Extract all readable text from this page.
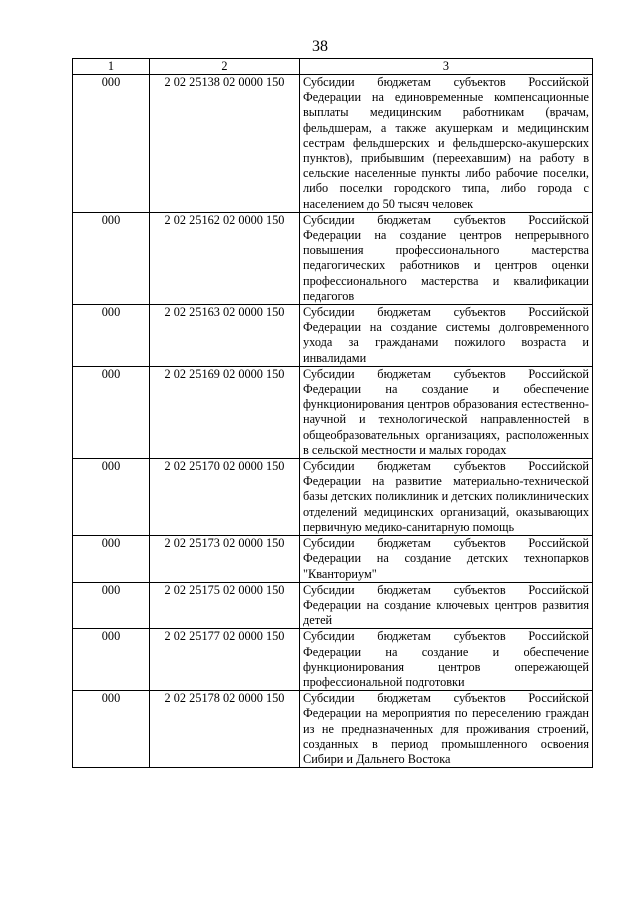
38
1	2	3
000	2 02 25138 02 0000 150	Субсидии бюджетам субъектов Российской Федерации на единовременные компенсационные выплаты медицинским работникам (врачам, фельдшерам, а также акушеркам и медицинским сестрам фельдшерских и фельдшерско-акушерских пунктов), прибывшим (переехавшим) на работу в сельские населенные пункты либо рабочие поселки, либо поселки городского типа, либо города с населением до 50 тысяч человек
000	2 02 25162 02 0000 150	Субсидии бюджетам субъектов Российской Федерации на создание центров непрерывного повышения профессионального мастерства педагогических работников и центров оценки профессионального мастерства и квалификации педагогов
000	2 02 25163 02 0000 150	Субсидии бюджетам субъектов Российской Федерации на создание системы долговременного ухода за гражданами пожилого возраста и инвалидами
000	2 02 25169 02 0000 150	Субсидии бюджетам субъектов Российской Федерации на создание и обеспечение функционирования центров образования естественно-научной и технологической направленностей в общеобразовательных организациях, расположенных в сельской местности и малых городах
000	2 02 25170 02 0000 150	Субсидии бюджетам субъектов Российской Федерации на развитие материально-технической базы детских поликлиник и детских поликлинических отделений медицинских организаций, оказывающих первичную медико-санитарную помощь
000	2 02 25173 02 0000 150	Субсидии бюджетам субъектов Российской Федерации на создание детских технопарков "Кванториум"
000	2 02 25175 02 0000 150	Субсидии бюджетам субъектов Российской Федерации на создание ключевых центров развития детей
000	2 02 25177 02 0000 150	Субсидии бюджетам субъектов Российской Федерации на создание и обеспечение функционирования центров опережающей профессиональной подготовки
000	2 02 25178 02 0000 150	Субсидии бюджетам субъектов Российской Федерации на мероприятия по переселению граждан из не предназначенных для проживания строений, созданных в период промышленного освоения Сибири и Дальнего Востока
